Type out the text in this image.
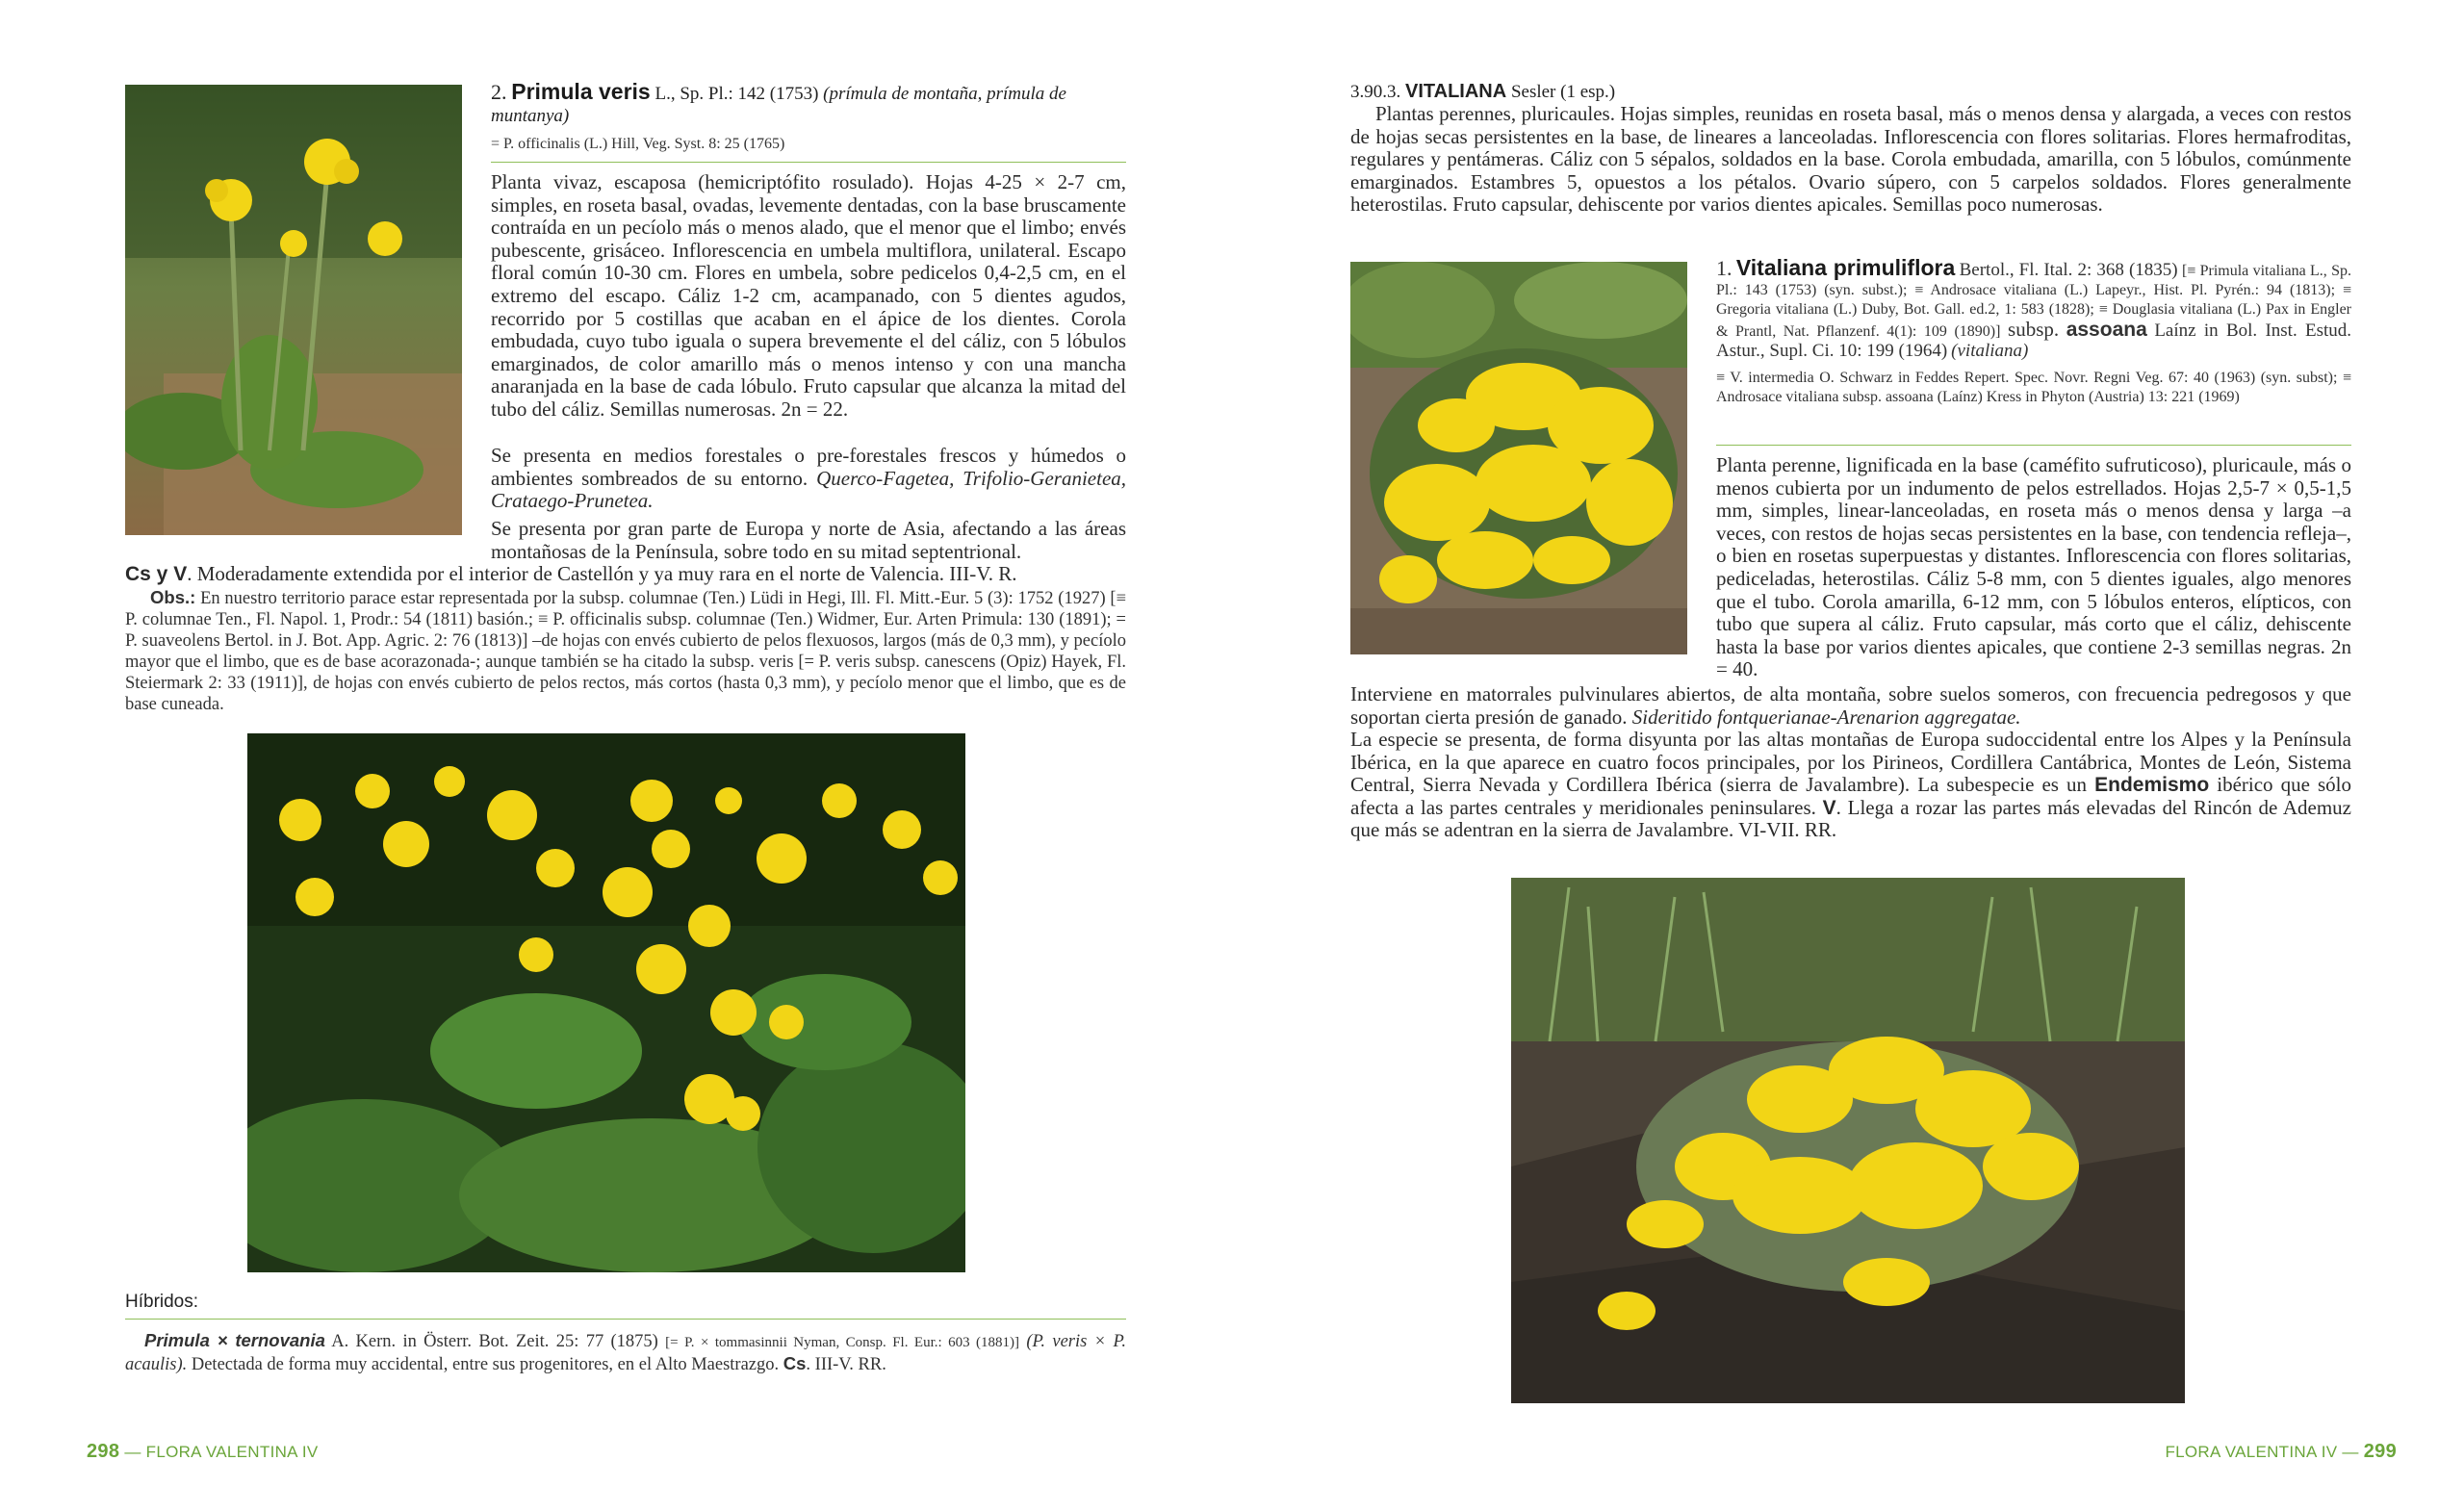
2. Primula veris L., Sp. Pl.: 142 (1753) (prímula de montaña, prímula de muntanya)

= P. officinalis (L.) Hill, Veg. Syst. 8: 25 (1765)

Planta vivaz, escaposa (hemicriptófito rosulado). Hojas 4-25 × 2-7 cm, simples, en roseta basal, ovadas, levemente dentadas, con la base bruscamente contraída en un pecíolo más o menos alado, que el menor que el limbo; envés pubescente, grisáceo. Inflorescencia en umbela multiflora, unilateral. Escapo floral común 10-30 cm. Flores en umbela, sobre pedicelos 0,4-2,5 cm, en el extremo del escapo. Cáliz 1-2 cm, acampanado, con 5 dientes agudos, recorrido por 5 costillas que acaban en el ápice de los dientes. Corola embudada, cuyo tubo iguala o supera brevemente el del cáliz, con 5 lóbulos emarginados, de color amarillo más o menos intenso y con una mancha anaranjada en la base de cada lóbulo. Fruto capsular que alcanza la mitad del tubo del cáliz. Semillas numerosas. 2n = 22.

Se presenta en medios forestales o pre-forestales frescos y húmedos o ambientes sombreados de su entorno. Querco-Fagetea, Trifolio-Geranietea, Crataego-Prunetea.

Se presenta por gran parte de Europa y norte de Asia, afectando a las áreas montañosas de la Península, sobre todo en su mitad septentrional.

Cs y V. Moderadamente extendida por el interior de Castellón y ya muy rara en el norte de Valencia. III-V. R.

Obs.: En nuestro territorio parace estar representada por la subsp. columnae (Ten.) Lüdi in Hegi, Ill. Fl. Mitt.-Eur. 5 (3): 1752 (1927) [≡ P. columnae Ten., Fl. Napol. 1, Prodr.: 54 (1811) basión.; ≡ P. officinalis subsp. columnae (Ten.) Widmer, Eur. Arten Primula: 130 (1891); = P. suaveolens Bertol. in J. Bot. App. Agric. 2: 76 (1813)] –de hojas con envés cubierto de pelos flexuosos, largos (más de 0,3 mm), y pecíolo mayor que el limbo, que es de base acorazonada-; aunque también se ha citado la subsp. veris [= P. veris subsp. canescens (Opiz) Hayek, Fl. Steiermark 2: 33 (1911)], de hojas con envés cubierto de pelos rectos, más cortos (hasta 0,3 mm), y pecíolo menor que el limbo, que es de base cuneada.

Híbridos:

Primula × ternovania A. Kern. in Österr. Bot. Zeit. 25: 77 (1875) [= P. × tommasinnii Nyman, Consp. Fl. Eur.: 603 (1881)] (P. veris × P. acaulis). Detectada de forma muy accidental, entre sus progenitores, en el Alto Maestrazgo. Cs. III-V. RR.

298 — FLORA VALENTINA IV

3.90.3. VITALIANA Sesler (1 esp.)

Plantas perennes, pluricaules. Hojas simples, reunidas en roseta basal, más o menos densa y alargada, a veces con restos de hojas secas persistentes en la base, de lineares a lanceoladas. Inflorescencia con flores solitarias. Flores hermafroditas, regulares y pentámeras. Cáliz con 5 sépalos, soldados en la base. Corola embudada, amarilla, con 5 lóbulos, comúnmente emarginados. Estambres 5, opuestos a los pétalos. Ovario súpero, con 5 carpelos soldados. Flores generalmente heterostilas. Fruto capsular, dehiscente por varios dientes apicales. Semillas poco numerosas.

1. Vitaliana primuliflora Bertol., Fl. Ital. 2: 368 (1835) [≡ Primula vitaliana L., Sp. Pl.: 143 (1753) (syn. subst.); ≡ Androsace vitaliana (L.) Lapeyr., Hist. Pl. Pyrén.: 94 (1813); ≡ Gregoria vitaliana (L.) Duby, Bot. Gall. ed.2, 1: 583 (1828); ≡ Douglasia vitaliana (L.) Pax in Engler & Prantl, Nat. Pflanzenf. 4(1): 109 (1890)] subsp. assoana Laínz in Bol. Inst. Estud. Astur., Supl. Ci. 10: 199 (1964) (vitaliana)

≡ V. intermedia O. Schwarz in Feddes Repert. Spec. Novr. Regni Veg. 67: 40 (1963) (syn. subst); ≡ Androsace vitaliana subsp. assoana (Laínz) Kress in Phyton (Austria) 13: 221 (1969)

Planta perenne, lignificada en la base (caméfito sufruticoso), pluricaule, más o menos cubierta por un indumento de pelos estrellados. Hojas 2,5-7 × 0,5-1,5 mm, simples, linear-lanceoladas, en roseta más o menos densa y larga –a veces, con restos de hojas secas persistentes en la base, con tendencia refleja–, o bien en rosetas superpuestas y distantes. Inflorescencia con flores solitarias, pediceladas, heterostilas. Cáliz 5-8 mm, con 5 dientes iguales, algo menores que el tubo. Corola amarilla, 6-12 mm, con 5 lóbulos enteros, elípticos, con tubo que supera al cáliz. Fruto capsular, más corto que el cáliz, dehiscente hasta la base por varios dientes apicales, que contiene 2-3 semillas negras. 2n = 40.

Interviene en matorrales pulvinulares abiertos, de alta montaña, sobre suelos someros, con frecuencia pedregosos y que soportan cierta presión de ganado. Sideritido fontquerianae-Arenarion aggregatae.

La especie se presenta, de forma disyunta por las altas montañas de Europa sudoccidental entre los Alpes y la Península Ibérica, en la que aparece en cuatro focos principales, por los Pirineos, Cordillera Cantábrica, Montes de León, Sistema Central, Sierra Nevada y Cordillera Ibérica (sierra de Javalambre). La subespecie es un Endemismo ibérico que sólo afecta a las partes centrales y meridionales peninsulares. V. Llega a rozar las partes más elevadas del Rincón de Ademuz que más se adentran en la sierra de Javalambre. VI-VII. RR.

FLORA VALENTINA IV — 299
